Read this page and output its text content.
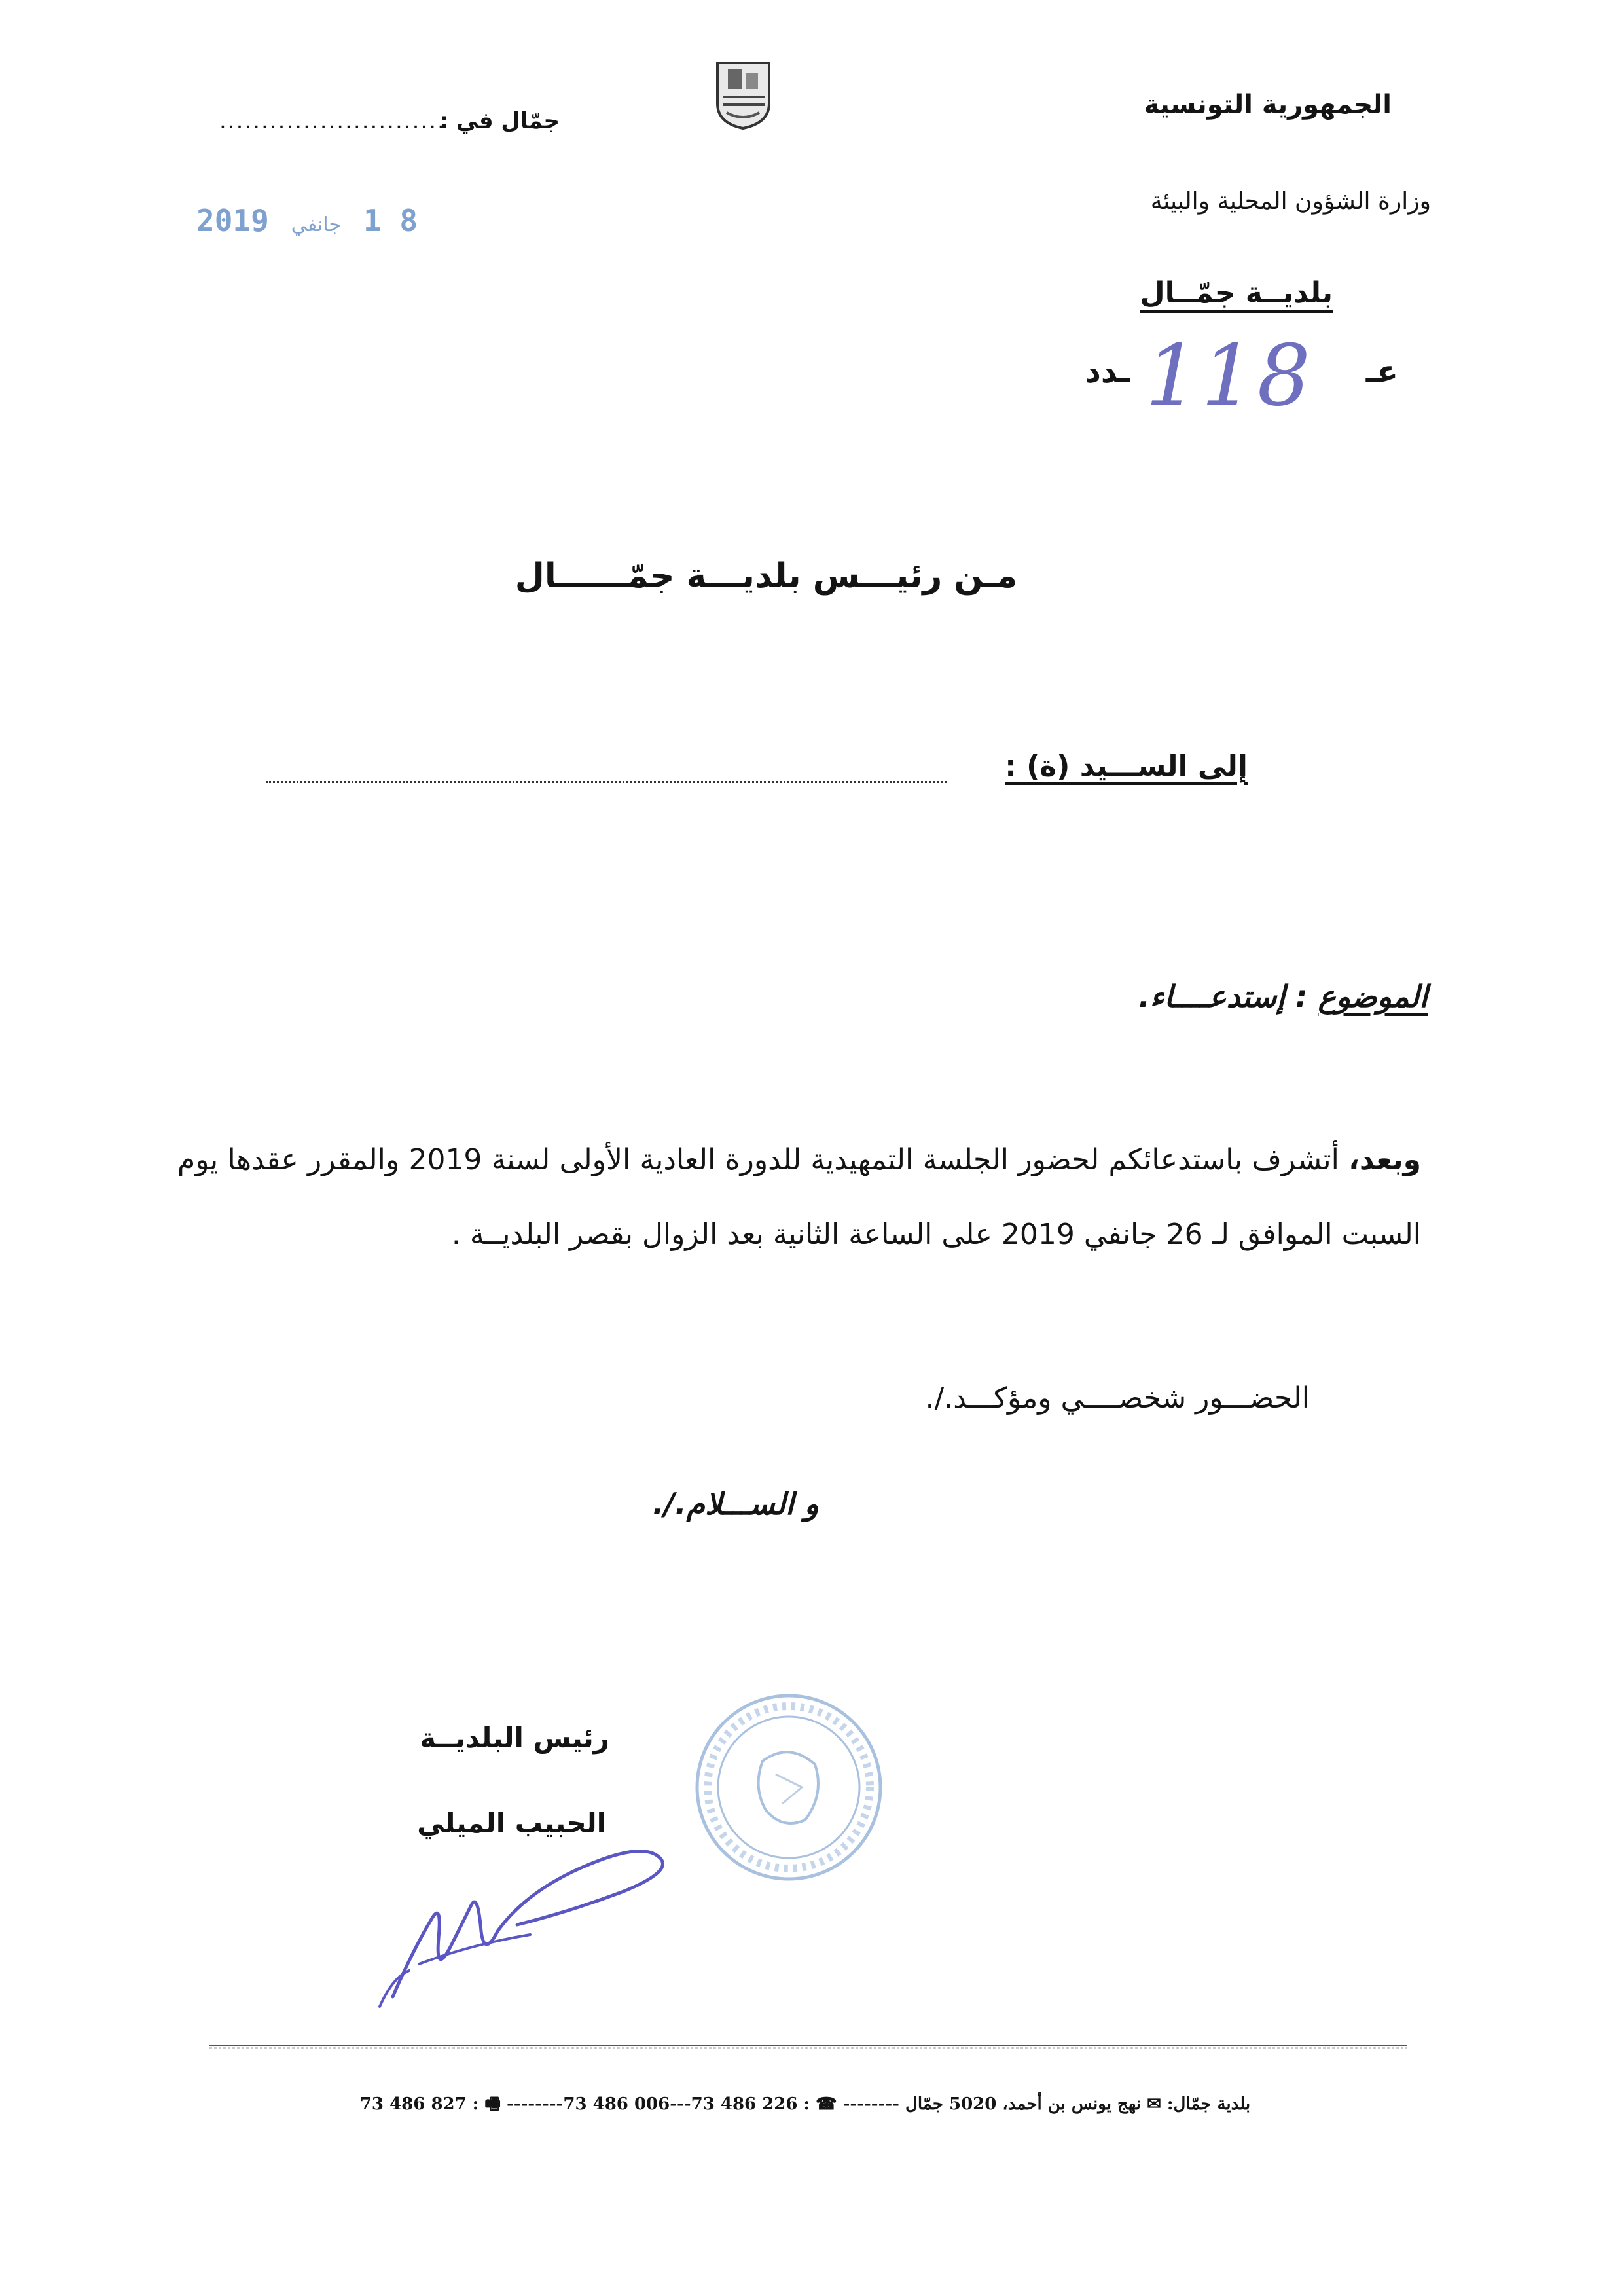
الجمهورية التونسية
وزارة الشؤون المحلية والبيئة
بلديــة جمّــال
عـ
118
ـدد
جمّال في :
...........................
2019 جانفي 1 8
مـن رئيـــس بلديـــة جمّــــــال
إلى الســـيد (ة) :
الموضوع : إستدعــــاء.
وبعد، أتشرف باستدعائكم لحضور الجلسة التمهيدية للدورة العادية الأولى لسنة 2019 والمقرر عقدها يوم السبت الموافق لـ 26 جانفي 2019 على الساعة الثانية بعد الزوال بقصر البلديــة .
الحضـــور شخصــــي ومؤكـــد./.
و الســـلام./.
رئيس البلديــة
الحبيب الميلي
بلدية جمّال: ✉ نهج يونس بن أحمد، 5020 جمّال -------- ☎ : 226 486 73---006 486 73-------- 🖷 : 827 486 73
